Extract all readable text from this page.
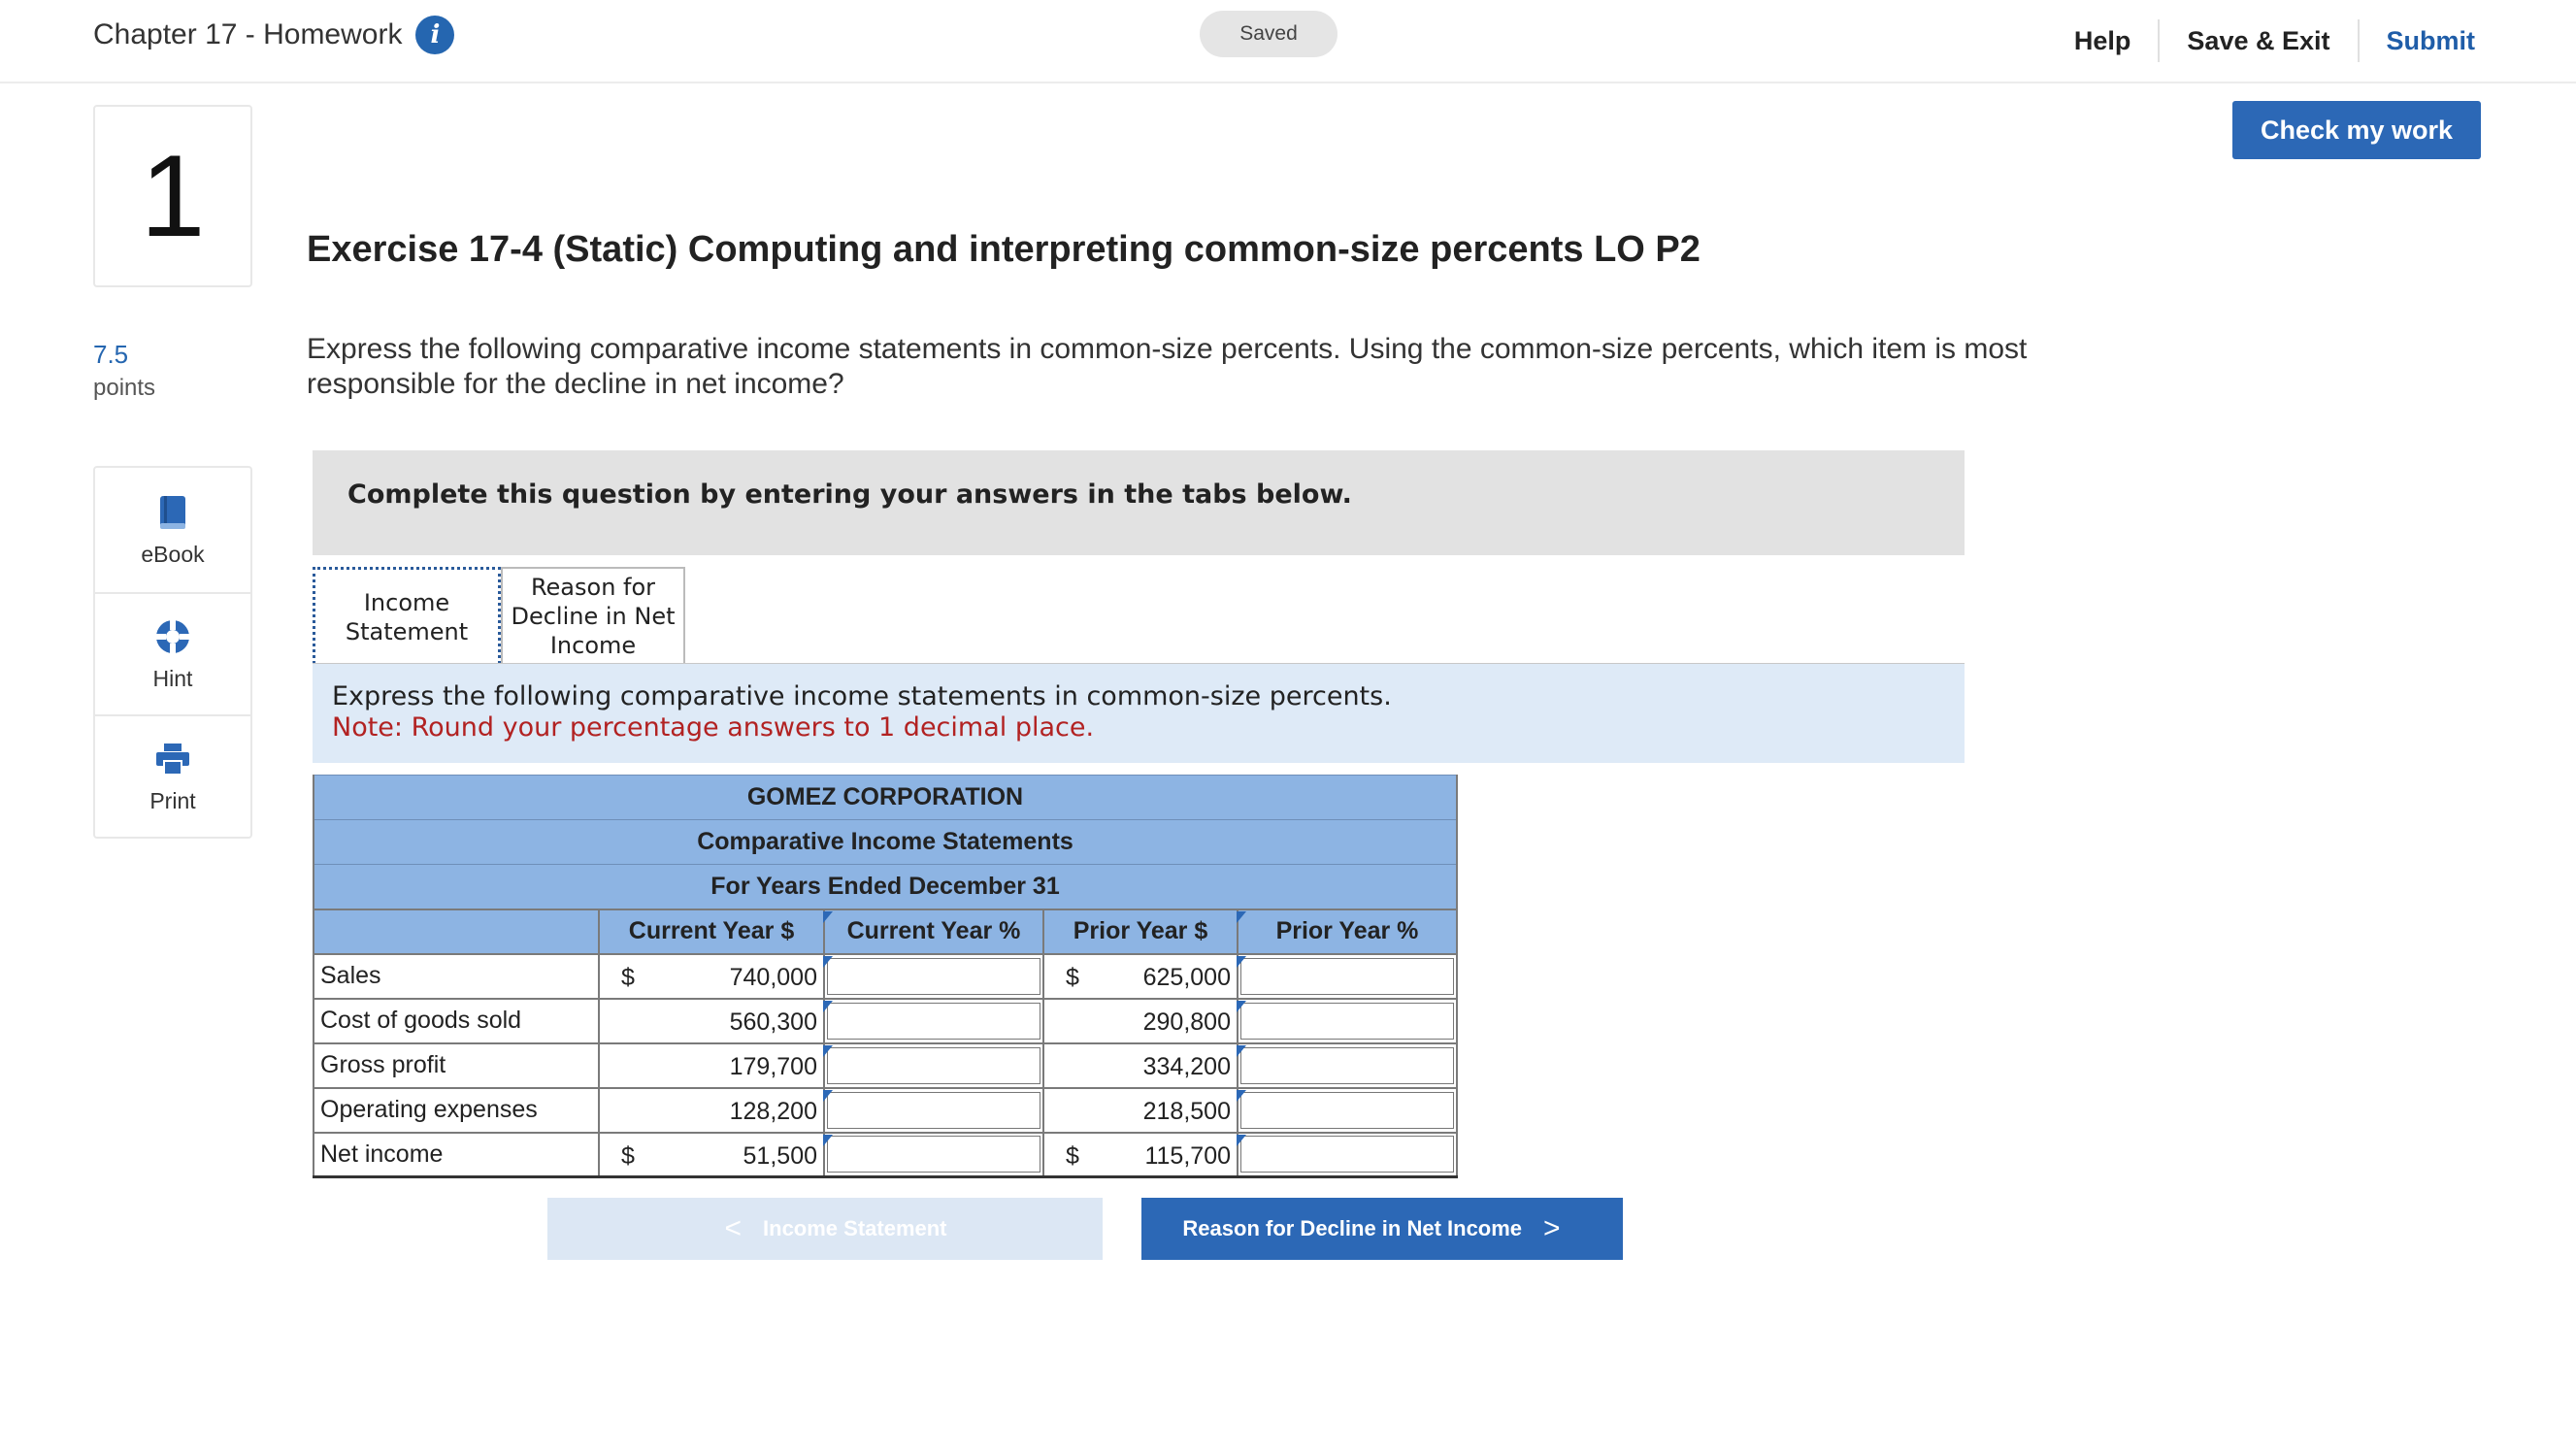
Chapter 17 - Homework	i	Saved	Help	Save & Exit	Submit
Check my work
1
7.5
points
eBook
Hint
Print
Exercise 17-4 (Static) Computing and interpreting common-size percents LO P2
Express the following comparative income statements in common-size percents. Using the common-size percents, which item is most responsible for the decline in net income?
Complete this question by entering your answers in the tabs below.
Income
Statement
Reason for
Decline in Net
Income
Express the following comparative income statements in common-size percents.
Note: Round your percentage answers to 1 decimal place.
GOMEZ CORPORATION				
Comparative Income Statements				
For Years Ended December 31				
	Current Year $	Current Year %	Prior Year $	Prior Year %
Sales	$ 740,000		$ 625,000	

Cost of goods sold	560,300		290,800	

Gross profit	179,700		334,200	

Operating expenses	128,200		218,500	

Net income	$ 51,500		$ 115,700	

< Income Statement	Reason for Decline in Net Income >
